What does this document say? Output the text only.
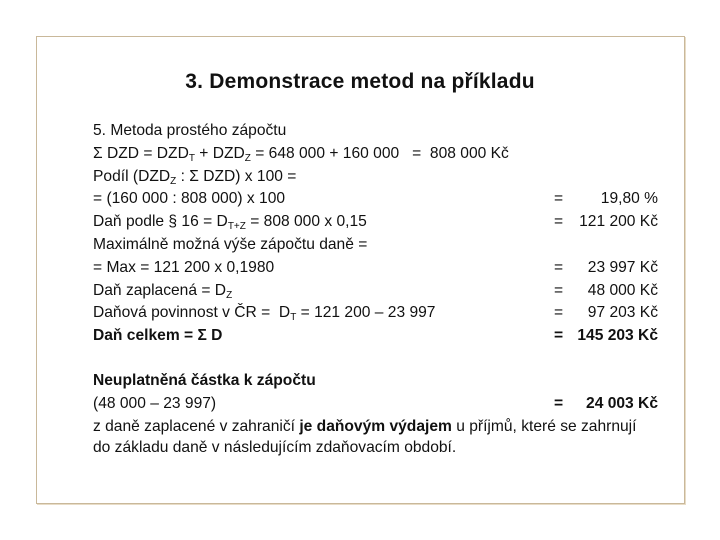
3. Demonstrace metod na příkladu
5. Metoda prostého zápočtu
Σ DZD = $DZD_T + DZD_Z = 648$ 000 + 160 000   =  808 000 Kč
Podíl ($DZD_Z$ : Σ DZD) x 100 =
= (160 000 : 808 000) x 100	= 19,80 %
Daň podle § $16 = D_{T+Z} = 808$ 000 x 0,15	= 121 200 Kč
Maximálně možná výše zápočtu daně =
= Max = 121 200 x 0,1980	= 23 997 Kč
Daň zaplacená = $D_Z$	= 48 000 Kč
Daňová povinnost v ČR =  $D_T = 121$ 200 – 23 997	= 97 203 Kč
Daň celkem = Σ D	= 145 203 Kč
Neuplatněná částka k zápočtu
(48 000 – 23 997)	= 24 003 Kč
z daně zaplacené v zahraničí je daňovým výdajem u příjmů, které se zahrnují do základu daně v následujícím zdaňovacím období.
